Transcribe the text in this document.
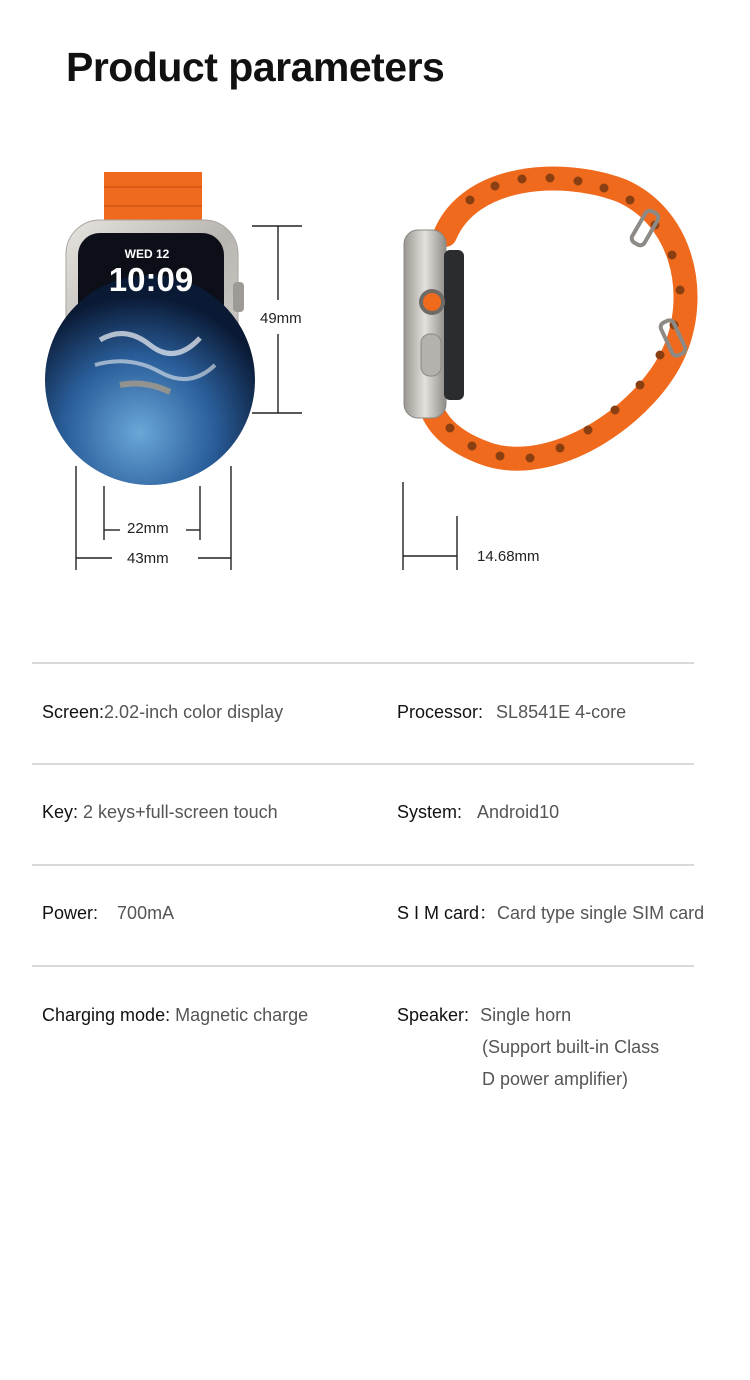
Product parameters
WED 12
10:09
49mm
22mm
43mm	14.68mm
Screen:2.02-inch color display	Processor: SL8541E 4-core
Key: 2 keys+full-screen touch	System: Android10
Power: 700mA	S I M card：Card type single SIM card
Charging mode: Magnetic charge	Speaker: Single horn
(Support built-in Class
D power amplifier)
